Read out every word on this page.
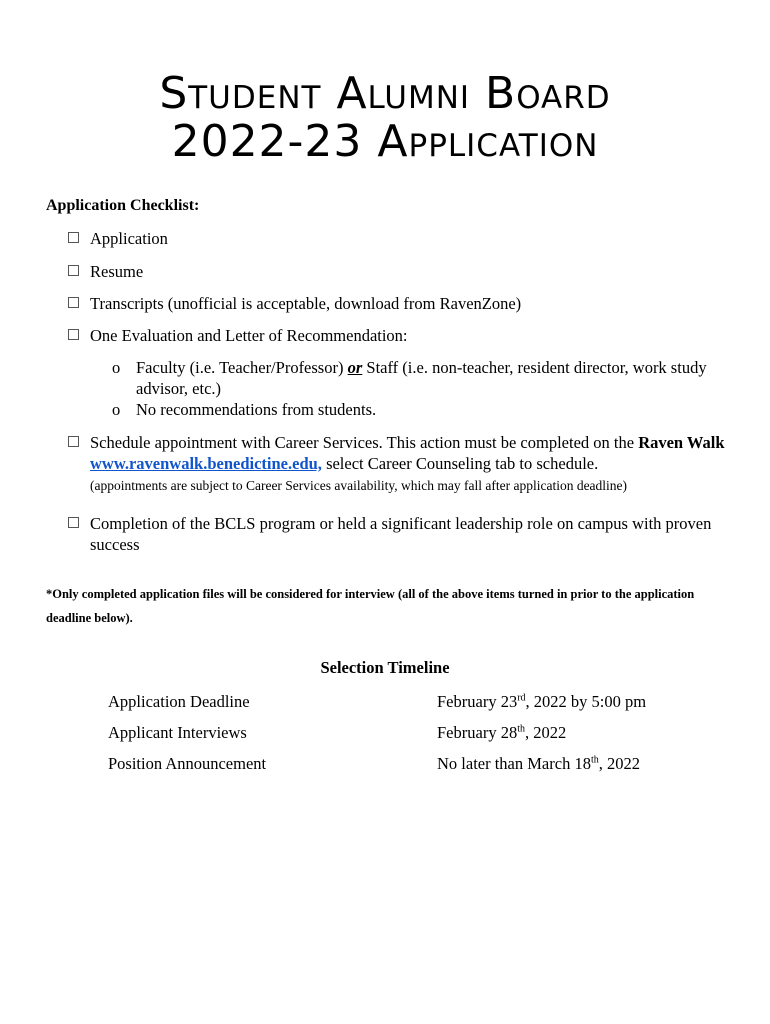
Student Alumni Board
2022-23 Application
Application Checklist:
Application
Resume
Transcripts (unofficial is acceptable, download from RavenZone)
One Evaluation and Letter of Recommendation:
o Faculty (i.e. Teacher/Professor) or Staff (i.e. non-teacher, resident director, work study advisor, etc.)
o No recommendations from students.
Schedule appointment with Career Services. This action must be completed on the Raven Walk www.ravenwalk.benedictine.edu, select Career Counseling tab to schedule.
(appointments are subject to Career Services availability, which may fall after application deadline)
Completion of the BCLS program or held a significant leadership role on campus with proven success
*Only completed application files will be considered for interview (all of the above items turned in prior to the application deadline below).
Selection Timeline
Application Deadline	February 23rd, 2022 by 5:00 pm
Applicant Interviews	February 28th, 2022
Position Announcement	No later than March 18th, 2022
